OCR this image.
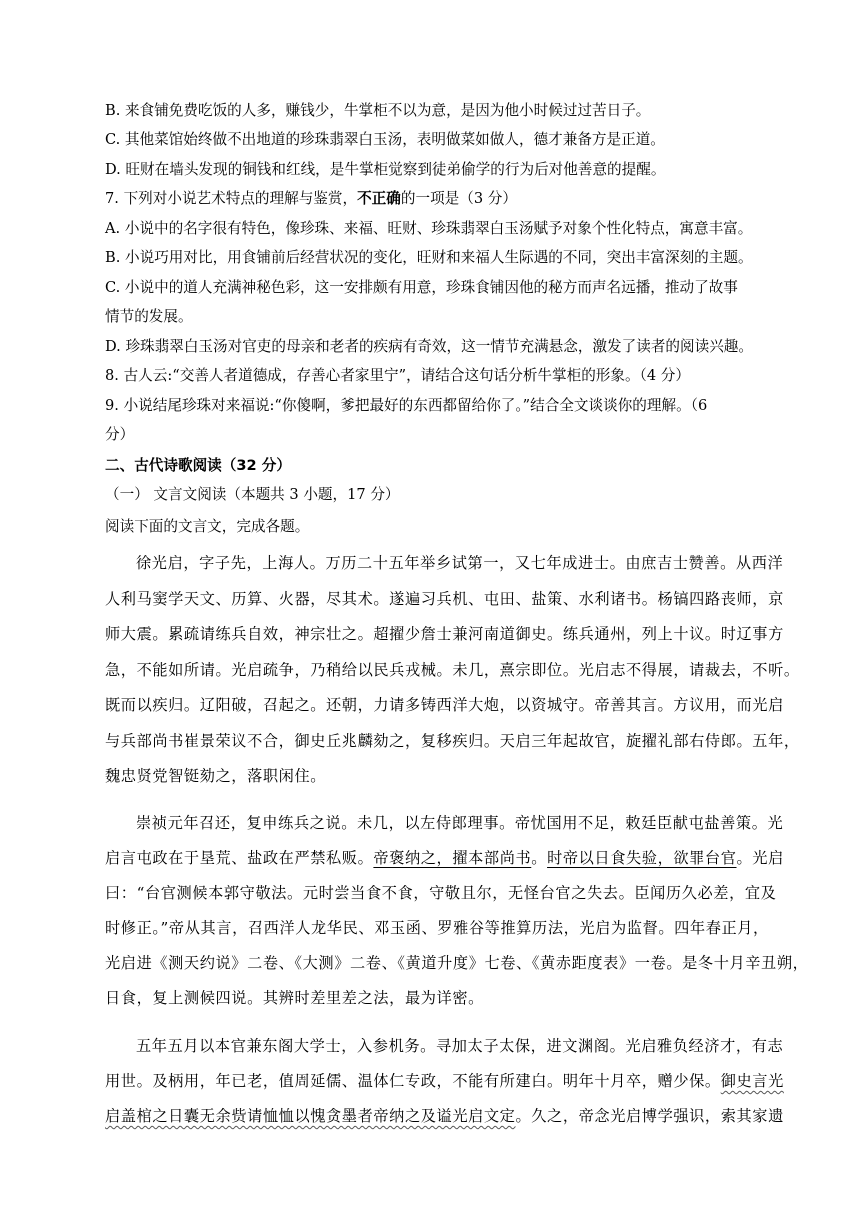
B. 来食铺免费吃饭的人多，赚钱少，牛掌柜不以为意，是因为他小时候过过苦日子。
C. 其他菜馆始终做不出地道的珍珠翡翠白玉汤，表明做菜如做人，德才兼备方是正道。
D. 旺财在墙头发现的铜钱和红线，是牛掌柜觉察到徒弟偷学的行为后对他善意的提醒。
7. 下列对小说艺术特点的理解与鉴赏，不正确的一项是（3 分）
A. 小说中的名字很有特色，像珍珠、来福、旺财、珍珠翡翠白玉汤赋予对象个性化特点，寓意丰富。
B. 小说巧用对比，用食铺前后经营状况的变化，旺财和来福人生际遇的不同，突出丰富深刻的主题。
C. 小说中的道人充满神秘色彩，这一安排颇有用意，珍珠食铺因他的秘方而声名远播，推动了故事
情节的发展。
D. 珍珠翡翠白玉汤对官吏的母亲和老者的疾病有奇效，这一情节充满悬念，激发了读者的阅读兴趣。
8. 古人云:“交善人者道德成，存善心者家里宁”，请结合这句话分析牛掌柜的形象。（4 分）
9. 小说结尾珍珠对来福说:“你傻啊，爹把最好的东西都留给你了。”结合全文谈谈你的理解。（6
分）
二、古代诗歌阅读（32 分）
（一） 文言文阅读（本题共 3 小题，17 分）
阅读下面的文言文，完成各题。
徐光启，字子先，上海人。万历二十五年举乡试第一，又七年成进士。由庶吉士赞善。从西洋
人利马窦学天文、历算、火器，尽其术。遂遍习兵机、屯田、盐策、水利诸书。杨镐四路丧师，京
师大震。累疏请练兵自效，神宗壮之。超擢少詹士兼河南道御史。练兵通州，列上十议。时辽事方
急，不能如所请。光启疏争，乃稍给以民兵戎械。未几，熹宗即位。光启志不得展，请裁去，不听。
既而以疾归。辽阳破，召起之。还朝，力请多铸西洋大炮，以资城守。帝善其言。方议用，而光启
与兵部尚书崔景荣议不合，御史丘兆麟劾之，复移疾归。天启三年起故官，旋擢礼部右侍郎。五年，
魏忠贤党智铤劾之，落职闲住。
崇祯元年召还，复申练兵之说。未几，以左侍郎理事。帝忧国用不足，敕廷臣献屯盐善策。光
启言屯政在于垦荒、盐政在严禁私贩。帝褒纳之，擢本部尚书。时帝以日食失验，欲罪台官。光启
曰：“台官测候本郭守敬法。元时尝当食不食，守敬且尔，无怪台官之失去。臣闻历久必差，宜及
时修正。”帝从其言，召西洋人龙华民、邓玉函、罗雅谷等推算历法，光启为监督。四年春正月，
光启进《测天约说》二卷、《大测》二卷、《黄道升度》七卷、《黄赤距度表》一卷。是冬十月辛丑朔，
日食，复上测候四说。其辨时差里差之法，最为详密。
五年五月以本官兼东阁大学士，入参机务。寻加太子太保，进文渊阁。光启雅负经济才，有志
用世。及柄用，年已老，值周延儒、温体仁专政，不能有所建白。明年十月卒，赠少保。御史言光
启盖棺之日囊无余赀请恤恤以愧贪墨者帝纳之及谥光启文定。久之，帝念光启博学强识，索其家遗
